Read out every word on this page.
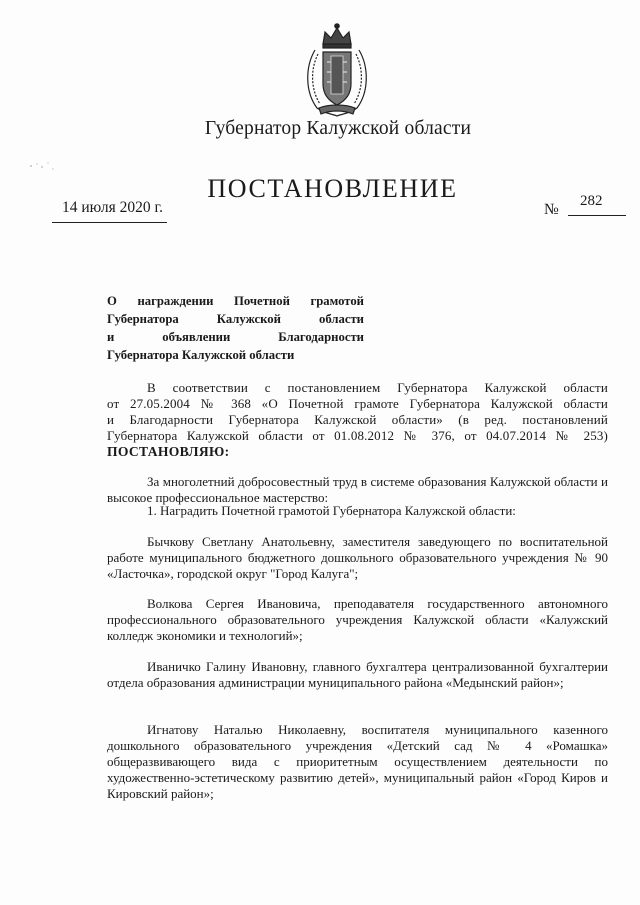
Губернатор Калужской области
ПОСТАНОВЛЕНИЕ
14 июля 2020 г.	№ 282
О награждении Почетной грамотой
Губернатора Калужской области
и объявлении Благодарности
Губернатора Калужской области
В соответствии с постановлением Губернатора Калужской области
от 27.05.2004 № 368 «О Почетной грамоте Губернатора Калужской области
и Благодарности Губернатора Калужской области» (в ред. постановлений
Губернатора Калужской области от 01.08.2012 № 376, от 04.07.2014 № 253)
ПОСТАНОВЛЯЮ:
За многолетний добросовестный труд в системе образования Калужской области и высокое профессиональное мастерство:
1. Наградить Почетной грамотой Губернатора Калужской области:
Бычкову Светлану Анатольевну, заместителя заведующего по воспитательной работе муниципального бюджетного дошкольного образовательного учреждения № 90 «Ласточка», городской округ "Город Калуга";
Волкова Сергея Ивановича, преподавателя государственного автономного профессионального образовательного учреждения Калужской области «Калужский колледж экономики и технологий»;
Иваничко Галину Ивановну, главного бухгалтера централизованной бухгалтерии отдела образования администрации муниципального района «Медынский район»;
Игнатову Наталью Николаевну, воспитателя муниципального казенного дошкольного образовательного учреждения «Детский сад № 4 «Ромашка» общеразвивающего вида с приоритетным осуществлением деятельности по художественно-эстетическому развитию детей», муниципальный район «Город Киров и Кировский район»;
